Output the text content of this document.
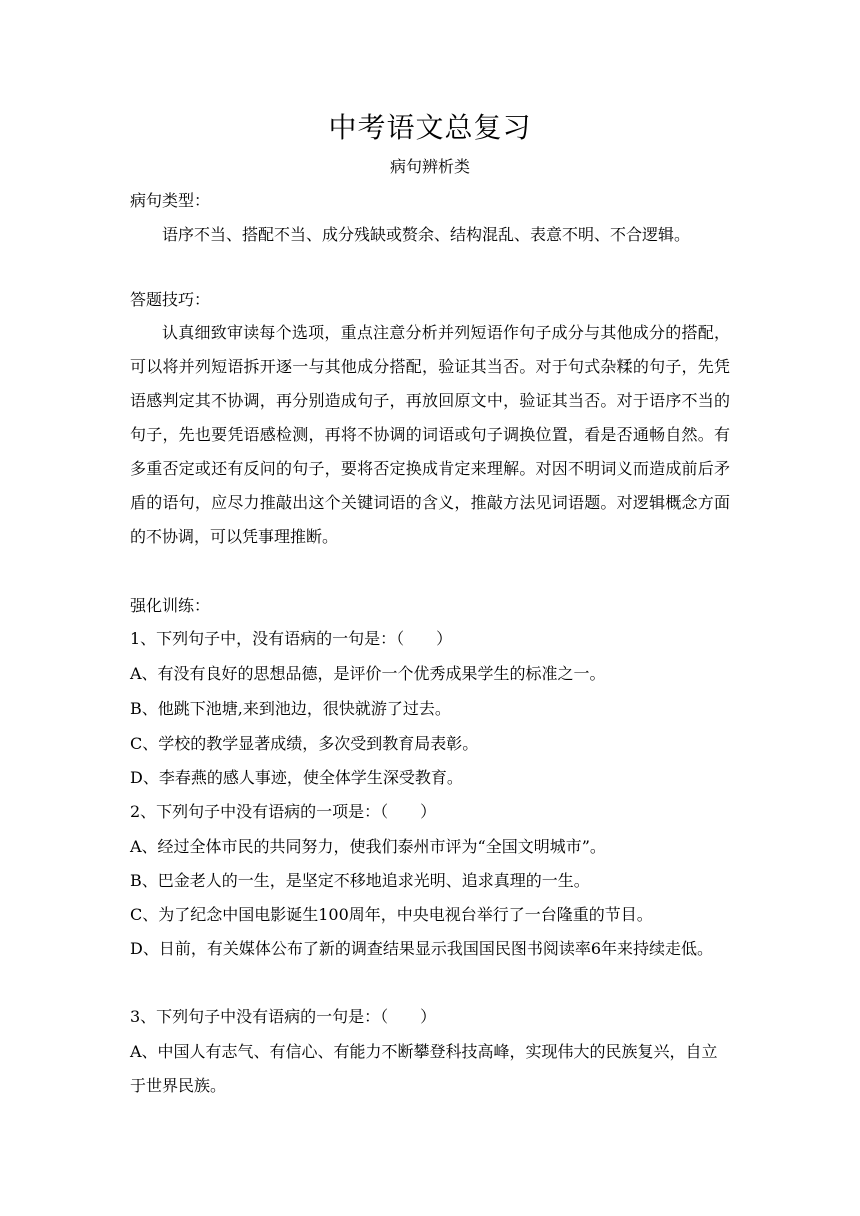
中考语文总复习
病句辨析类
病句类型：
语序不当、搭配不当、成分残缺或赘余、结构混乱、表意不明、不合逻辑。
答题技巧：
认真细致审读每个选项，重点注意分析并列短语作句子成分与其他成分的搭配，可以将并列短语拆开逐一与其他成分搭配，验证其当否。对于句式杂糅的句子，先凭语感判定其不协调，再分别造成句子，再放回原文中，验证其当否。对于语序不当的句子，先也要凭语感检测，再将不协调的词语或句子调换位置，看是否通畅自然。有多重否定或还有反问的句子，要将否定换成肯定来理解。对因不明词义而造成前后矛盾的语句，应尽力推敲出这个关键词语的含义，推敲方法见词语题。对逻辑概念方面的不协调，可以凭事理推断。
强化训练：
1、下列句子中，没有语病的一句是：（　　）
A、有没有良好的思想品德，是评价一个优秀成果学生的标准之一。
B、他跳下池塘,来到池边，很快就游了过去。
C、学校的教学显著成绩，多次受到教育局表彰。
D、李春燕的感人事迹，使全体学生深受教育。
2、下列句子中没有语病的一项是：（　　）
A、经过全体市民的共同努力，使我们泰州市评为“全国文明城市”。
B、巴金老人的一生，是坚定不移地追求光明、追求真理的一生。
C、为了纪念中国电影诞生100周年，中央电视台举行了一台隆重的节目。
D、日前，有关媒体公布了新的调查结果显示我国国民图书阅读率6年来持续走低。
3、下列句子中没有语病的一句是：（　　）
A、中国人有志气、有信心、有能力不断攀登科技高峰，实现伟大的民族复兴，自立于世界民族。
